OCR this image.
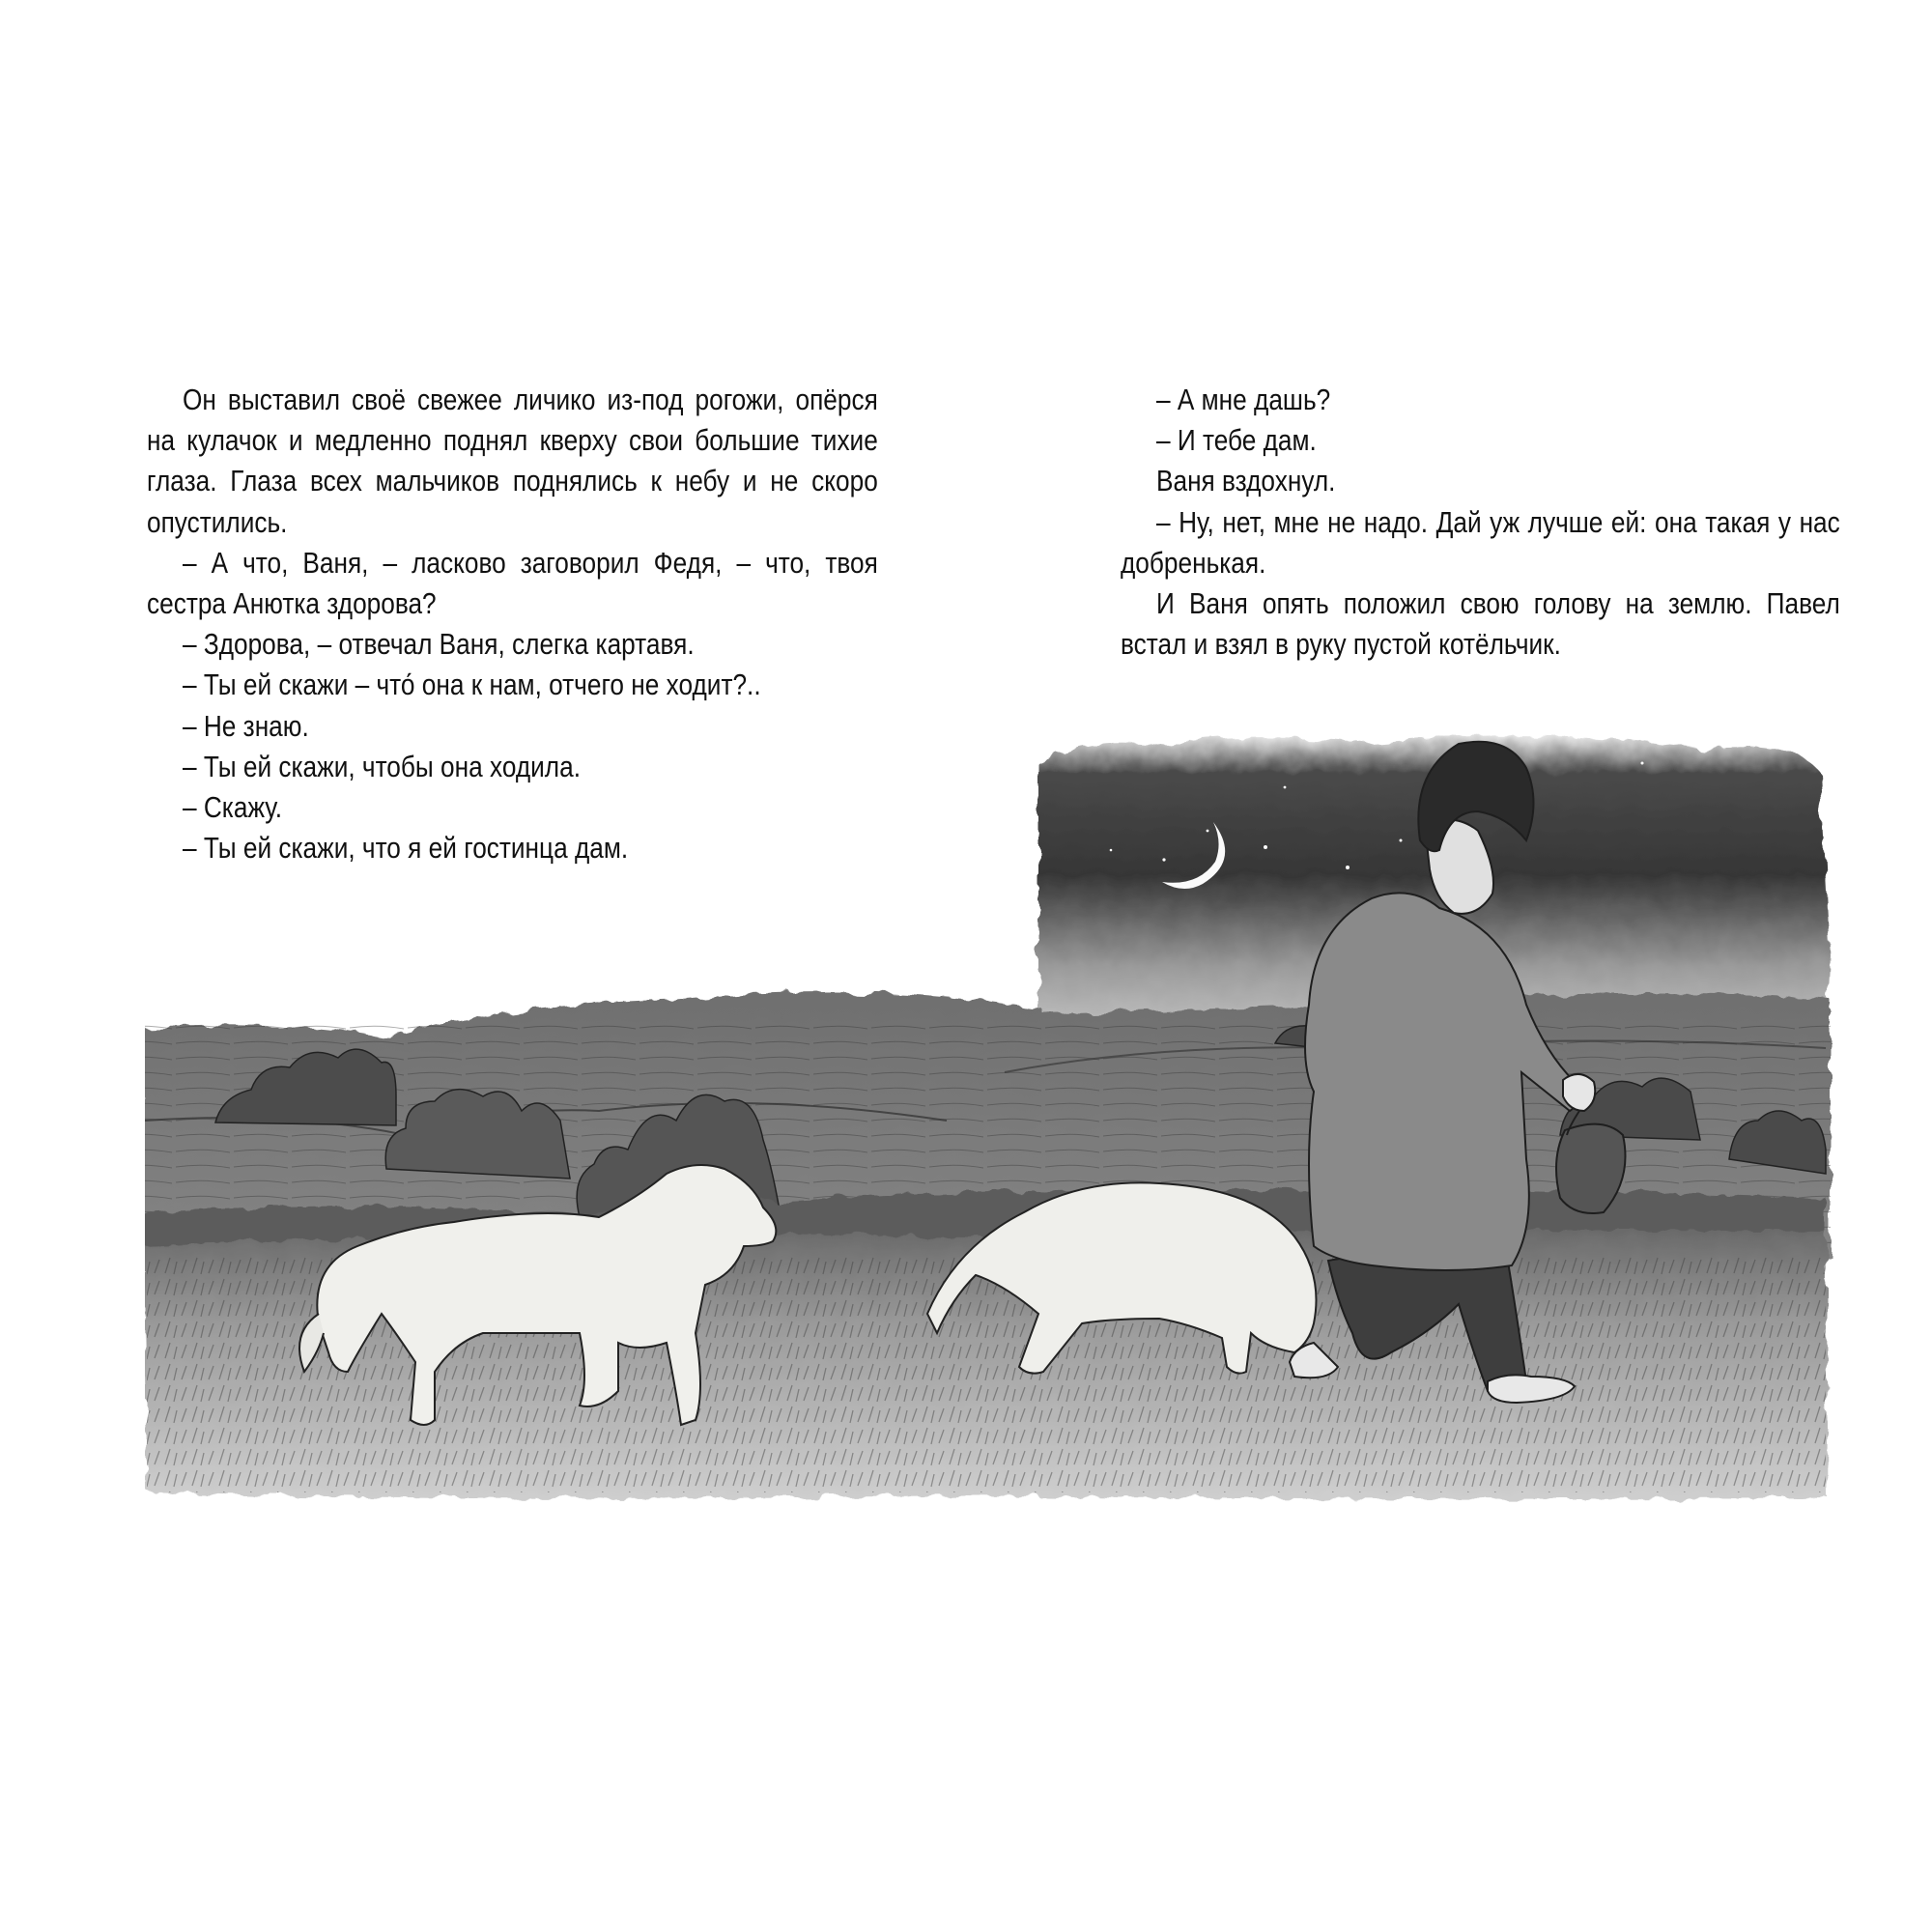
Он выставил своё свежее личико из-под рогожи, опёрся на кулачок и медленно поднял кверху свои большие тихие глаза. Глаза всех мальчиков поднялись к небу и не скоро опустились.

– А что, Ваня, – ласково заговорил Федя, – что, твоя сестра Анютка здорова?

– Здорова, – отвечал Ваня, слегка картавя.

– Ты ей скажи – что́ она к нам, отчего не ходит?..

– Не знаю.

– Ты ей скажи, чтобы она ходила.

– Скажу.

– Ты ей скажи, что я ей гостинца дам.

– А мне дашь?

– И тебе дам.

Ваня вздохнул.

– Ну, нет, мне не надо. Дай уж лучше ей: она такая у нас добренькая.

И Ваня опять положил свою голову на землю. Павел встал и взял в руку пустой котёльчик.
